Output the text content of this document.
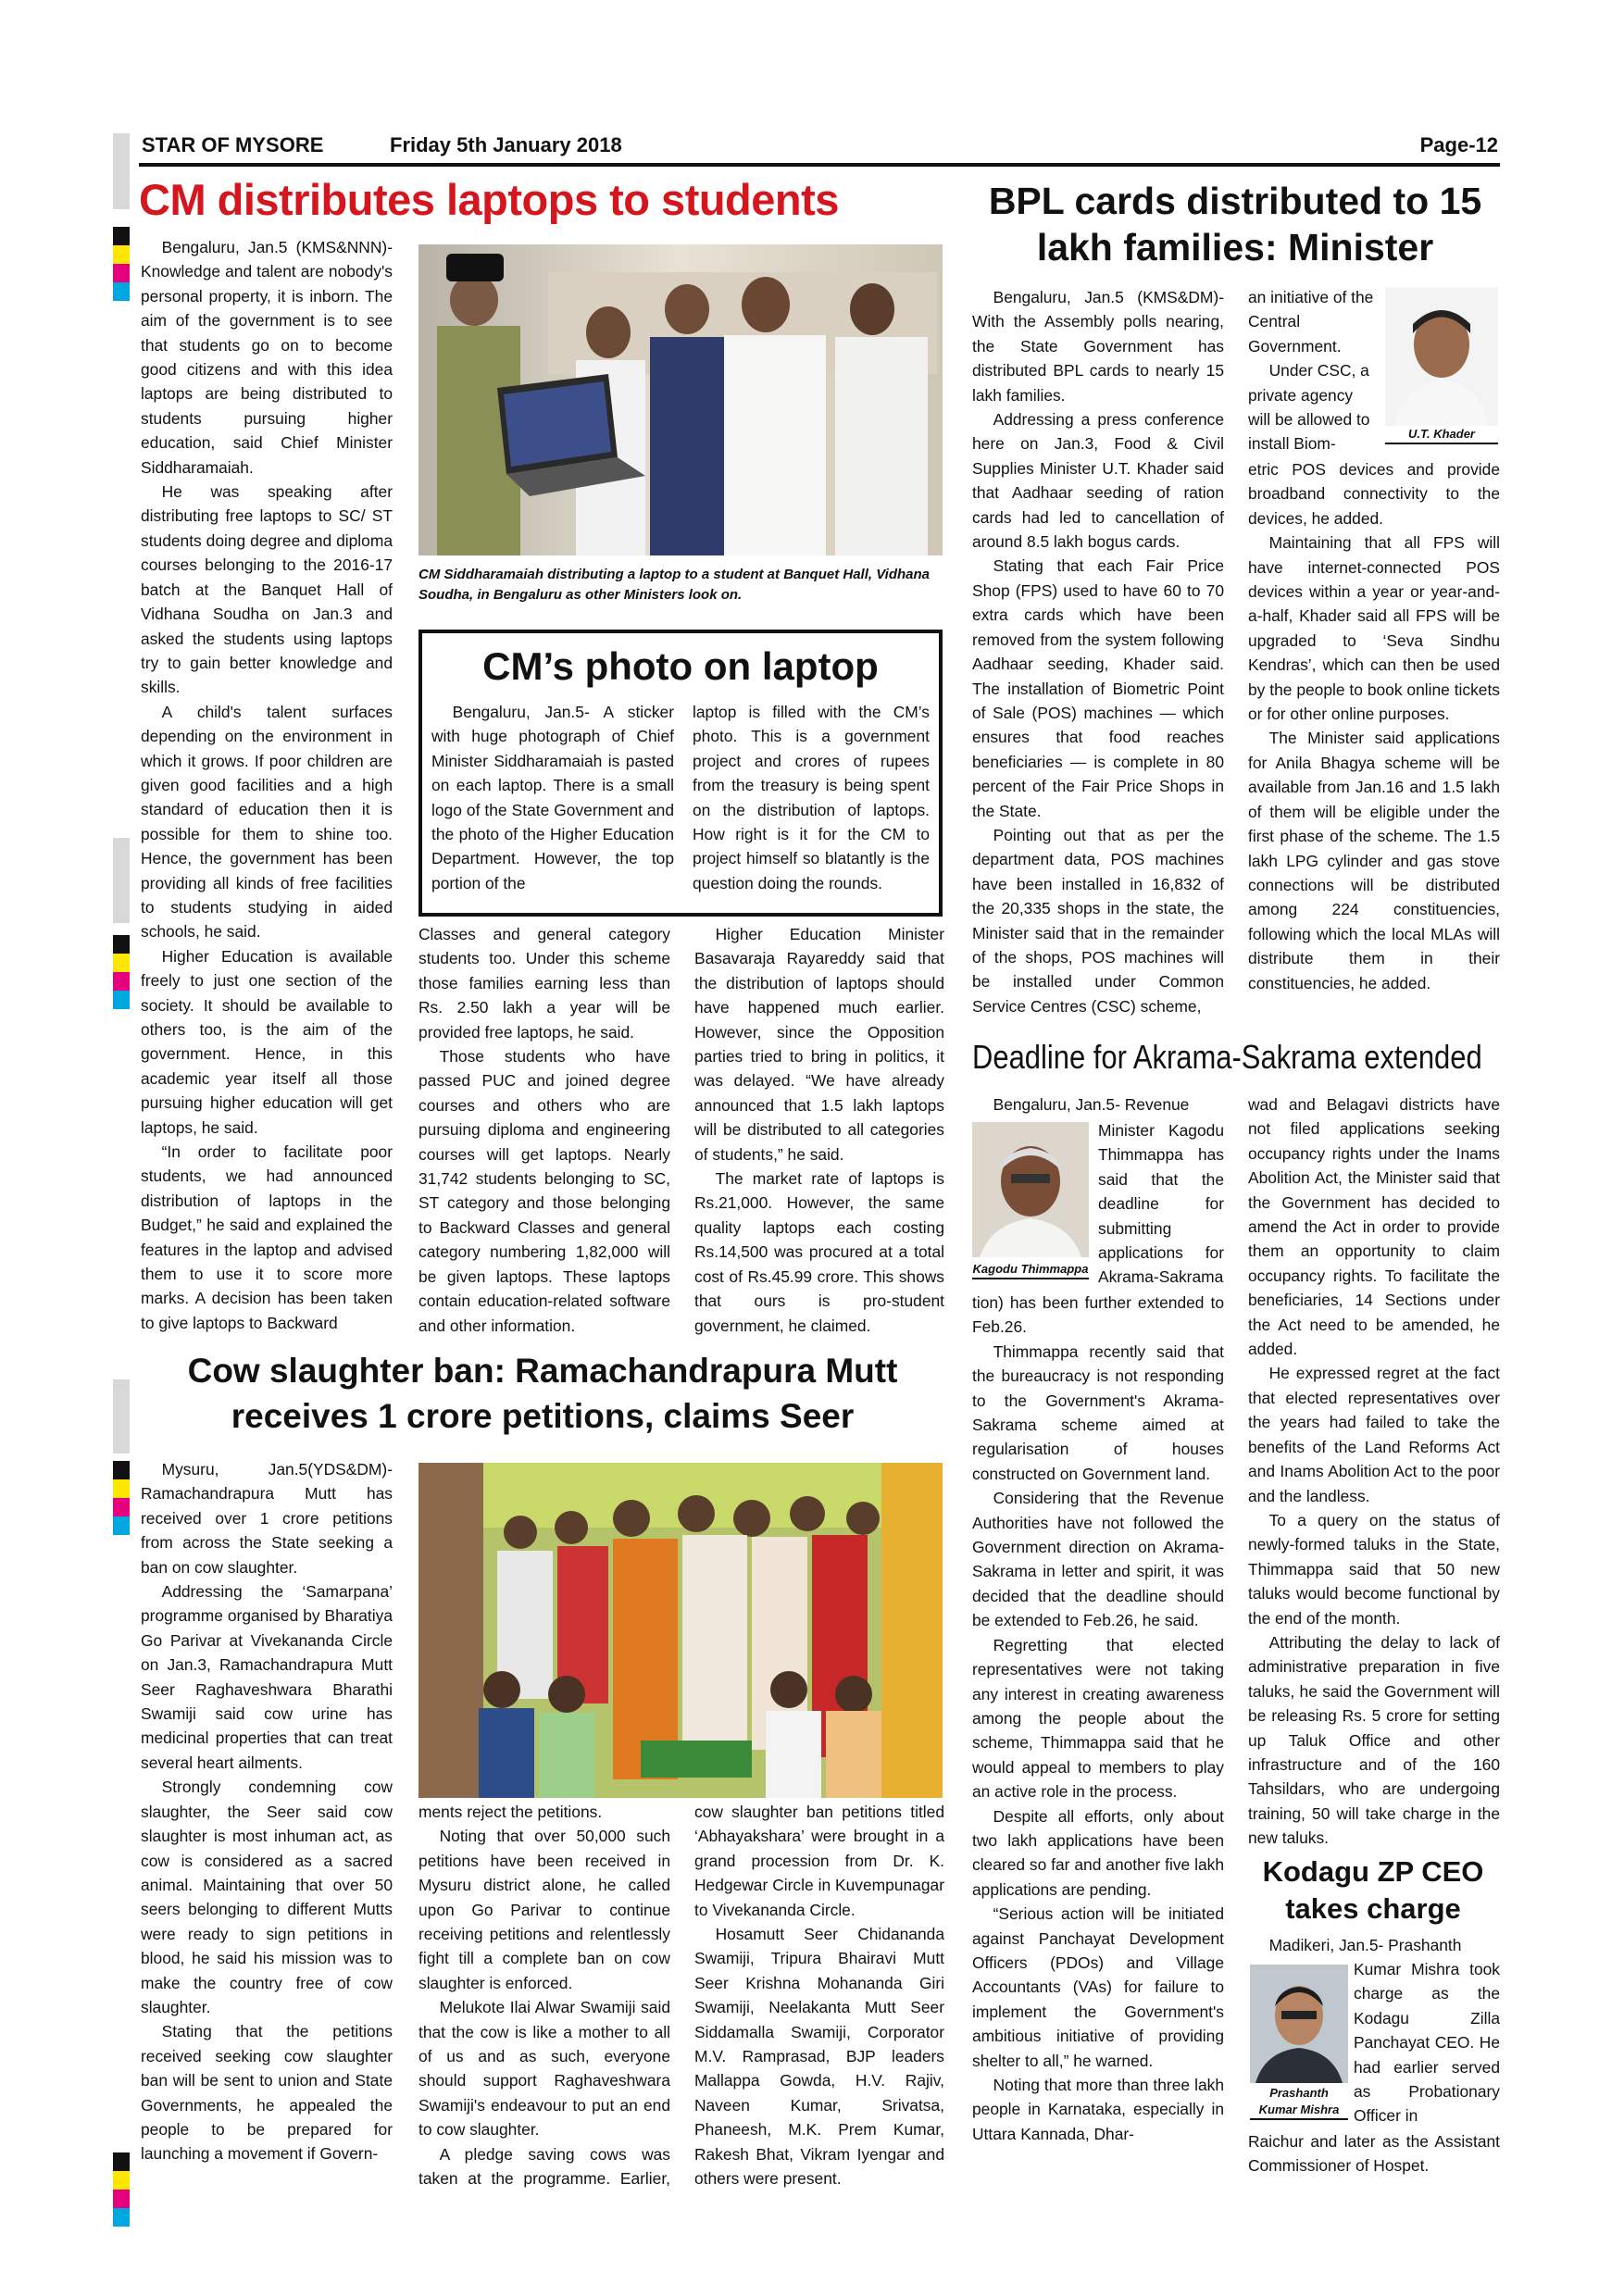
STAR OF MYSORE	Friday 5th January 2018	Page-12
CM distributes laptops to students

Bengaluru, Jan.5 (KMS&NNN)- Knowledge and talent are nobody's personal property, it is inborn. The aim of the government is to see that students go on to become good citizens and with this idea laptops are being distributed to students pursuing higher education, said Chief Minister Siddharamaiah.

He was speaking after distributing free laptops to SC/ ST students doing degree and diploma courses belonging to the 2016-17 batch at the Banquet Hall of Vidhana Soudha on Jan.3 and asked the students using laptops try to gain better knowledge and skills.

A child's talent surfaces depending on the environment in which it grows. If poor children are given good facilities and a high standard of education then it is possible for them to shine too. Hence, the government has been providing all kinds of free facilities to students studying in aided schools, he said.

Higher Education is available freely to just one section of the society. It should be available to others too, is the aim of the government. Hence, in this academic year itself all those pursuing higher education will get laptops, he said.

“In order to facilitate poor students, we had announced distribution of laptops in the Budget,” he said and explained the features in the laptop and advised them to use it to score more marks. A decision has been taken to give laptops to Backward

CM Siddharamaiah distributing a laptop to a student at Banquet Hall, Vidhana Soudha, in Bengaluru as other Ministers look on.
CM’s photo on laptop

Bengaluru, Jan.5- A sticker with huge photograph of Chief Minister Siddharamaiah is pasted on each laptop. There is a small logo of the State Government and the photo of the Higher Education Department. However, the top portion of the

laptop is filled with the CM’s photo. This is a government project and crores of rupees from the treasury is being spent on the distribution of laptops. How right is it for the CM to project himself so blatantly is the question doing the rounds.

Classes and general category students too. Under this scheme those families earning less than Rs. 2.50 lakh a year will be provided free laptops, he said.

Those students who have passed PUC and joined degree courses and others who are pursuing diploma and engineering courses will get laptops. Nearly 31,742 students belonging to SC, ST category and those belonging to Backward Classes and general category numbering 1,82,000 will be given laptops. These laptops contain education-related software and other information.

Higher Education Minister Basavaraja Rayareddy said that the distribution of laptops should have happened much earlier. However, since the Opposition parties tried to bring in politics, it was delayed. “We have already announced that 1.5 lakh laptops will be distributed to all categories of students,” he said.

The market rate of laptops is Rs.21,000. However, the same quality laptops each costing Rs.14,500 was procured at a total cost of Rs.45.99 crore. This shows that ours is pro-student government, he claimed.

Cow slaughter ban: Ramachandrapura Mutt receives 1 crore petitions, claims Seer

Mysuru, Jan.5(YDS&DM)- Ramachandrapura Mutt has received over 1 crore petitions from across the State seeking a ban on cow slaughter.

Addressing the ‘Samarpana’ programme organised by Bharatiya Go Parivar at Vivekananda Circle on Jan.3, Ramachandrapura Mutt Seer Raghaveshwara Bharathi Swamiji said cow urine has medicinal properties that can treat several heart ailments.

Strongly condemning cow slaughter, the Seer said cow slaughter is most inhuman act, as cow is considered as a sacred animal. Maintaining that over 50 seers belonging to different Mutts were ready to sign petitions in blood, he said his mission was to make the country free of cow slaughter.

Stating that the petitions received seeking cow slaughter ban will be sent to union and State Governments, he appealed the people to be prepared for launching a movement if Govern-

ments reject the petitions.

Noting that over 50,000 such petitions have been received in Mysuru district alone, he called upon Go Parivar to continue receiving petitions and relentlessly fight till a complete ban on cow slaughter is enforced.

Melukote Ilai Alwar Swamiji said that the cow is like a mother to all of us and as such, everyone should support Raghaveshwara Swamiji's endeavour to put an end to cow slaughter.

A pledge saving cows was taken at the programme. Earlier,

cow slaughter ban petitions titled ‘Abhayakshara’ were brought in a grand procession from Dr. K. Hedgewar Circle in Kuvempunagar to Vivekananda Circle.

Hosamutt Seer Chidananda Swamiji, Tripura Bhairavi Mutt Seer Krishna Mohananda Giri Swamiji, Neelakanta Mutt Seer Siddamalla Swamiji, Corporator M.V. Ramprasad, BJP leaders Mallappa Gowda, H.V. Rajiv, Naveen Kumar, Srivatsa, Phaneesh, M.K. Prem Kumar, Rakesh Bhat, Vikram Iyengar and others were present.

BPL cards distributed to 15 lakh families: Minister

Bengaluru, Jan.5 (KMS&DM)- With the Assembly polls nearing, the State Government has distributed BPL cards to nearly 15 lakh families.

Addressing a press conference here on Jan.3, Food & Civil Supplies Minister U.T. Khader said that Aadhaar seeding of ration cards had led to cancellation of around 8.5 lakh bogus cards.

Stating that each Fair Price Shop (FPS) used to have 60 to 70 extra cards which have been removed from the system following Aadhaar seeding, Khader said. The installation of Biometric Point of Sale (POS) machines — which ensures that food reaches beneficiaries — is complete in 80 percent of the Fair Price Shops in the State.

Pointing out that as per the department data, POS machines have been installed in 16,832 of the 20,335 shops in the state, the Minister said that in the remainder of the shops, POS machines will be installed under Common Service Centres (CSC) scheme,

an initiative of the Central Government.

Under CSC, a private agency will be allowed to install Biom-

U.T. Khader

etric POS devices and provide broadband connectivity to the devices, he added.

Maintaining that all FPS will have internet-connected POS devices within a year or year-and-a-half, Khader said all FPS will be upgraded to ‘Seva Sindhu Kendras’, which can then be used by the people to book online tickets or for other online purposes.

The Minister said applications for Anila Bhagya scheme will be available from Jan.16 and 1.5 lakh of them will be eligible under the first phase of the scheme. The 1.5 lakh LPG cylinder and gas stove connections will be distributed among 224 constituencies, following which the local MLAs will distribute them in their constituencies, he added.

Deadline for Akrama-Sakrama extended

Bengaluru, Jan.5- Revenue

Kagodu Thimmappa

Minister Kagodu Thimmappa has said that the deadline for submitting applications for Akrama-Sakrama

tion) has been further extended to Feb.26.

Thimmappa recently said that the bureaucracy is not responding to the Government's Akrama-Sakrama scheme aimed at regularisation of houses constructed on Government land.

Considering that the Revenue Authorities have not followed the Government direction on Akrama-Sakrama in letter and spirit, it was decided that the deadline should be extended to Feb.26, he said.

Regretting that elected representatives were not taking any interest in creating awareness among the people about the scheme, Thimmappa said that he would appeal to members to play an active role in the process.

Despite all efforts, only about two lakh applications have been cleared so far and another five lakh applications are pending.

“Serious action will be initiated against Panchayat Development Officers (PDOs) and Village Accountants (VAs) for failure to implement the Government's ambitious initiative of providing shelter to all,” he warned.

Noting that more than three lakh people in Karnataka, especially in Uttara Kannada, Dhar-

wad and Belagavi districts have not filed applications seeking occupancy rights under the Inams Abolition Act, the Minister said that the Government has decided to amend the Act in order to provide them an opportunity to claim occupancy rights. To facilitate the beneficiaries, 14 Sections under the Act need to be amended, he added.

He expressed regret at the fact that elected representatives over the years had failed to take the benefits of the Land Reforms Act and Inams Abolition Act to the poor and the landless.

To a query on the status of newly-formed taluks in the State, Thimmappa said that 50 new taluks would become functional by the end of the month.

Attributing the delay to lack of administrative preparation in five taluks, he said the Government will be releasing Rs. 5 crore for setting up Taluk Office and other infrastructure and of the 160 Tahsildars, who are undergoing training, 50 will take charge in the new taluks.

Kodagu ZP CEO takes charge

Madikeri, Jan.5- Prashanth

Prashanth Kumar Mishra

Kumar Mishra took charge as the Kodagu Zilla Panchayat CEO. He had earlier served as Probationary Officer in

Raichur and later as the Assistant Commissioner of Hospet.
